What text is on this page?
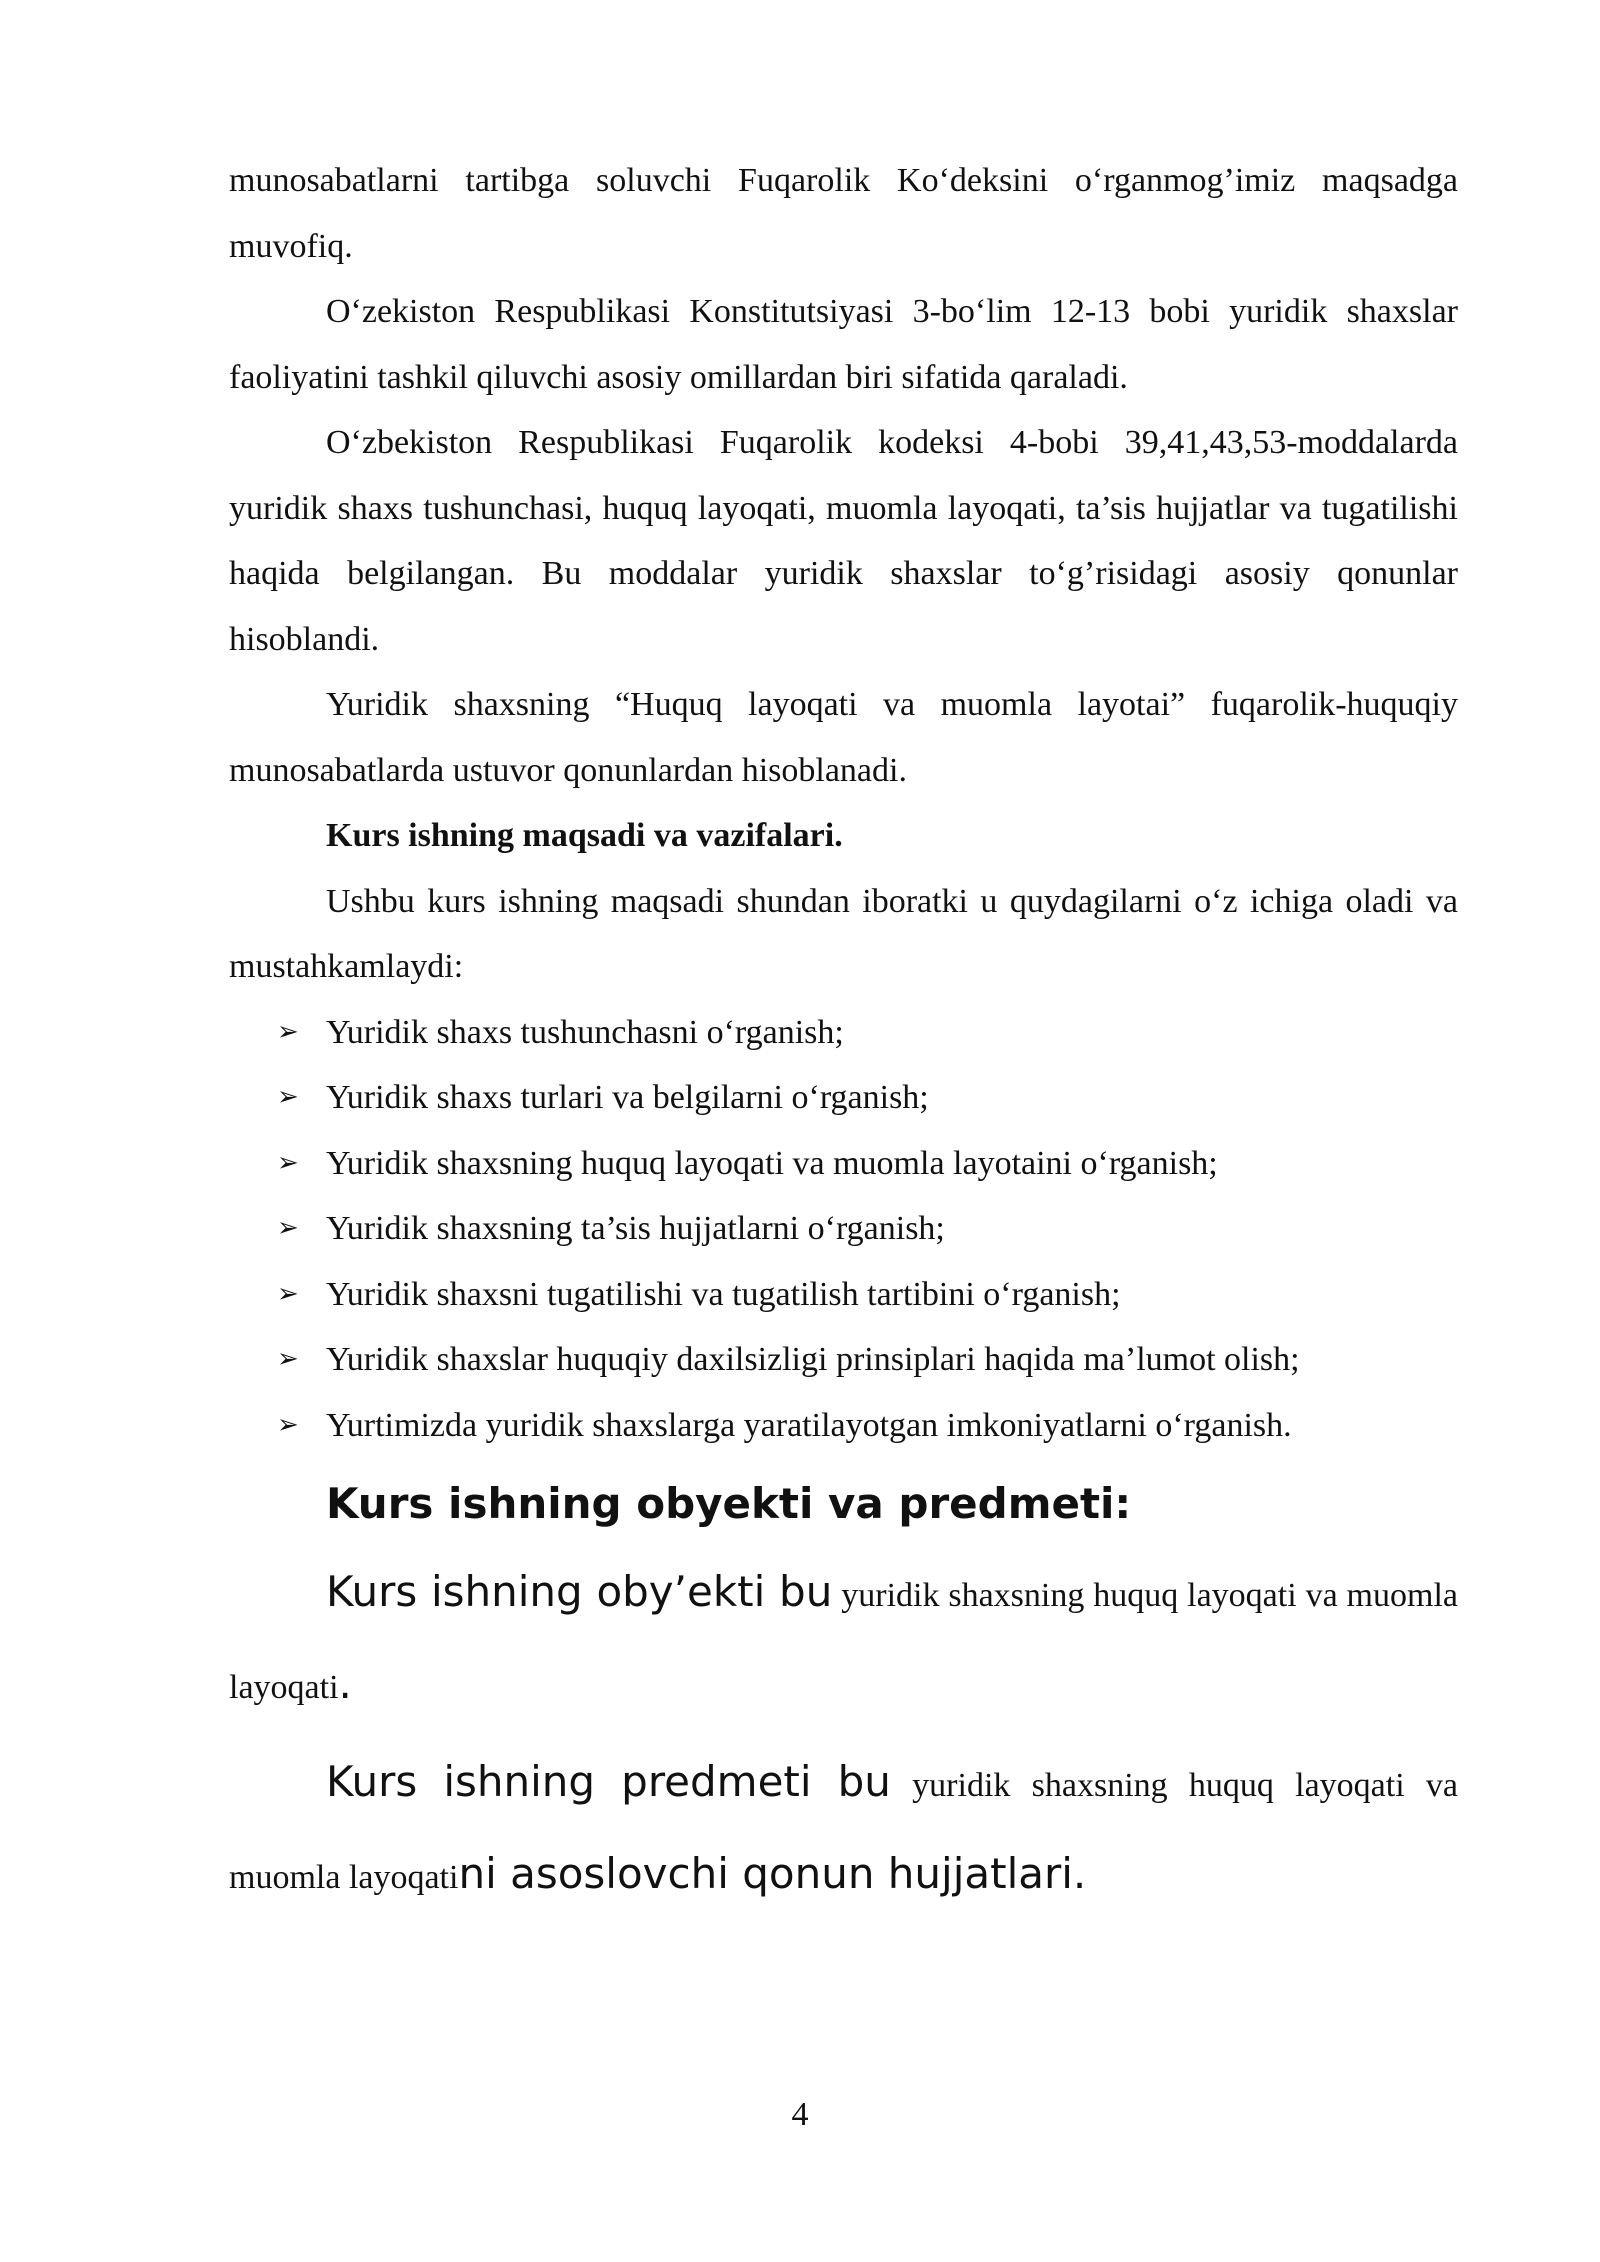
munosabatlarni tartibga soluvchi Fuqarolik Ko‘deksini o‘rganmog’imiz maqsadga muvofiq.

O‘zekiston Respublikasi Konstitutsiyasi 3-bo‘lim 12-13 bobi yuridik shaxslar faoliyatini tashkil qiluvchi asosiy omillardan biri sifatida qaraladi.

O‘zbekiston Respublikasi Fuqarolik kodeksi 4-bobi 39,41,43,53-moddalarda yuridik shaxs tushunchasi, huquq layoqati, muomla layoqati, ta’sis hujjatlar va tugatilishi haqida belgilangan. Bu moddalar yuridik shaxslar to‘g’risidagi asosiy qonunlar hisoblandi.

Yuridik shaxsning “Huquq layoqati va muomla layotai” fuqarolik-huquqiy munosabatlarda ustuvor qonunlardan hisoblanadi.

Kurs ishning maqsadi va vazifalari.

Ushbu kurs ishning maqsadi shundan iboratki u quydagilarni o‘z ichiga oladi va mustahkamlaydi:

➢ Yuridik shaxs tushunchasni o‘rganish;
➢ Yuridik shaxs turlari va belgilarni o‘rganish;
➢ Yuridik shaxsning huquq layoqati va muomla layotaini o‘rganish;
➢ Yuridik shaxsning ta’sis hujjatlarni o‘rganish;
➢ Yuridik shaxsni tugatilishi va tugatilish tartibini o‘rganish;
➢ Yuridik shaxslar huquqiy daxilsizligi prinsiplari haqida ma’lumot olish;
➢ Yurtimizda yuridik shaxslarga yaratilayotgan imkoniyatlarni o‘rganish.

Kurs ishning obyekti va predmeti:

Kurs ishning oby’ekti bu yuridik shaxsning huquq layoqati va muomla layoqati.

Kurs ishning predmeti bu yuridik shaxsning huquq layoqati va muomla layoqatini asoslovchi qonun hujjatlari.

4
